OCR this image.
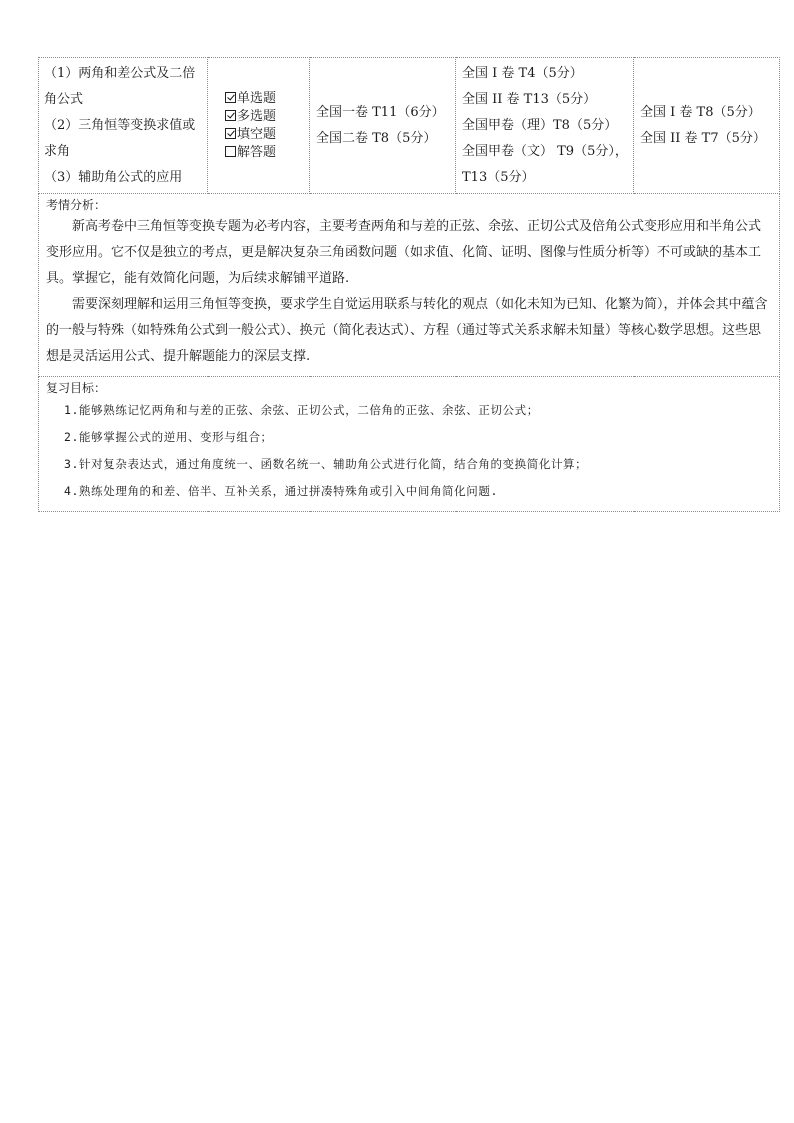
（1）两角和差公式及二倍角公式
（2）三角恒等变换求值或求角
（3）辅助角公式的应用

单选题
多选题
填空题
解答题

全国一卷 T11（6分）
全国二卷 T8（5分）

全国 I 卷 T4（5分）
全国 II 卷 T13（5分）
全国甲卷（理）T8（5分）
全国甲卷（文） T9（5分），T13（5分）

全国 I 卷 T8（5分）
全国 II 卷 T7（5分）

考情分析：

新高考卷中三角恒等变换专题为必考内容，主要考查两角和与差的正弦、余弦、正切公式及倍角公式变形应用和半角公式变形应用。它不仅是独立的考点，更是解决复杂三角函数问题（如求值、化简、证明、图像与性质分析等）不可或缺的基本工具。掌握它，能有效简化问题，为后续求解铺平道路.

需要深刻理解和运用三角恒等变换，要求学生自觉运用联系与转化的观点（如化未知为已知、化繁为简），并体会其中蕴含的一般与特殊（如特殊角公式到一般公式）、换元（简化表达式）、方程（通过等式关系求解未知量）等核心数学思想。这些思想是灵活运用公式、提升解题能力的深层支撑.

复习目标：
1.能够熟练记忆两角和与差的正弦、余弦、正切公式，二倍角的正弦、余弦、正切公式；
2.能够掌握公式的逆用、变形与组合；
3.针对复杂表达式，通过角度统一、函数名统一、辅助角公式进行化简，结合角的变换简化计算；
4.熟练处理角的和差、倍半、互补关系，通过拼凑特殊角或引入中间角简化问题.
